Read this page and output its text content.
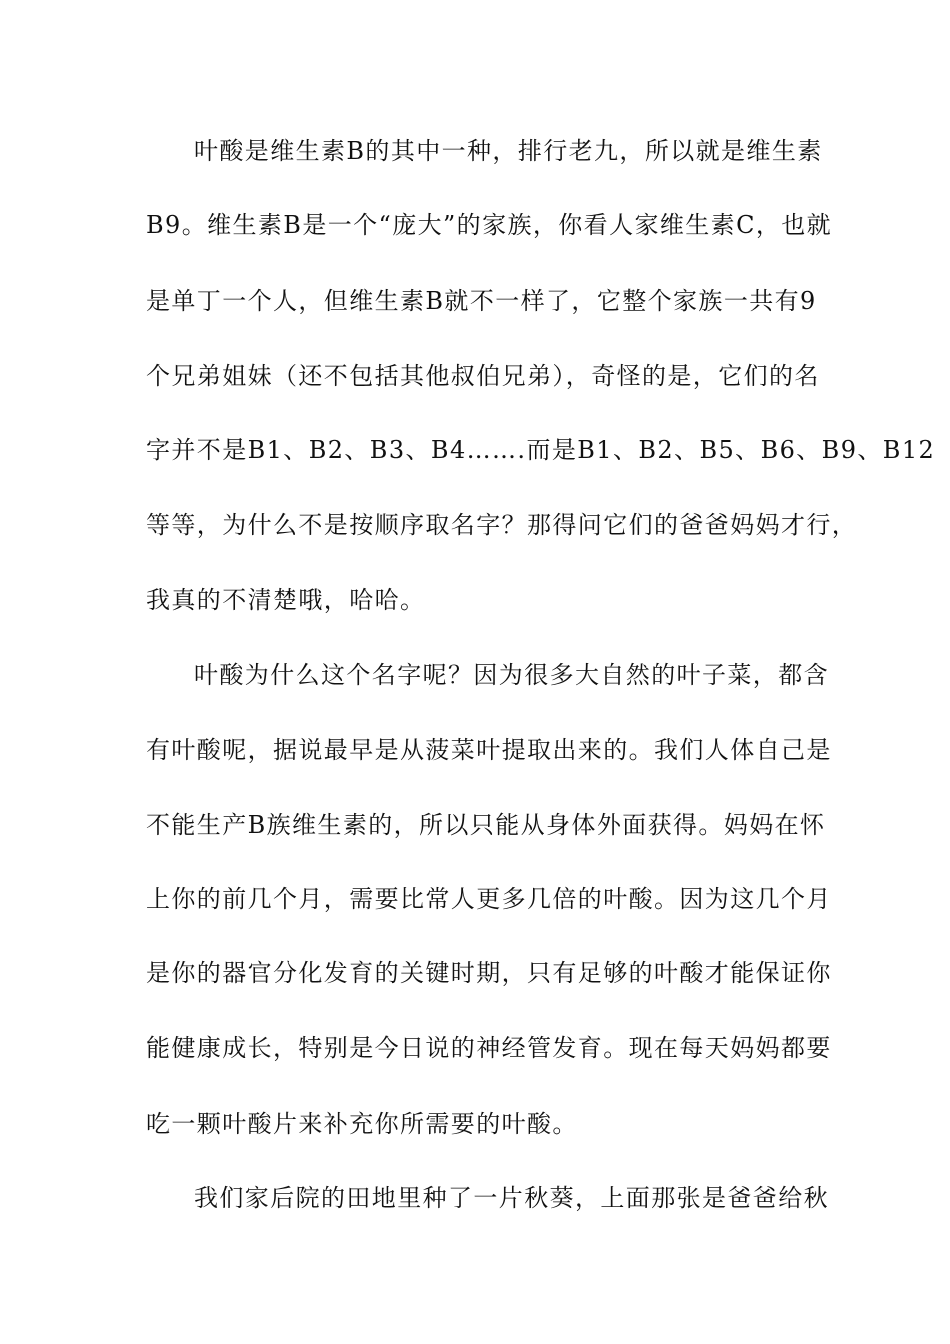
叶酸是维生素B的其中一种，排行老九，所以就是维生素
B9。维生素B是一个“庞大”的家族，你看人家维生素C，也就
是单丁一个人，但维生素B就不一样了，它整个家族一共有9
个兄弟姐妹（还不包括其他叔伯兄弟），奇怪的是，它们的名
字并不是B1、B2、B3、B4…….而是B1、B2、B5、B6、B9、B12
等等，为什么不是按顺序取名字？那得问它们的爸爸妈妈才行，
我真的不清楚哦，哈哈。
叶酸为什么这个名字呢？因为很多大自然的叶子菜，都含
有叶酸呢，据说最早是从菠菜叶提取出来的。我们人体自己是
不能生产B族维生素的，所以只能从身体外面获得。妈妈在怀
上你的前几个月，需要比常人更多几倍的叶酸。因为这几个月
是你的器官分化发育的关键时期，只有足够的叶酸才能保证你
能健康成长，特别是今日说的神经管发育。现在每天妈妈都要
吃一颗叶酸片来补充你所需要的叶酸。
我们家后院的田地里种了一片秋葵，上面那张是爸爸给秋
